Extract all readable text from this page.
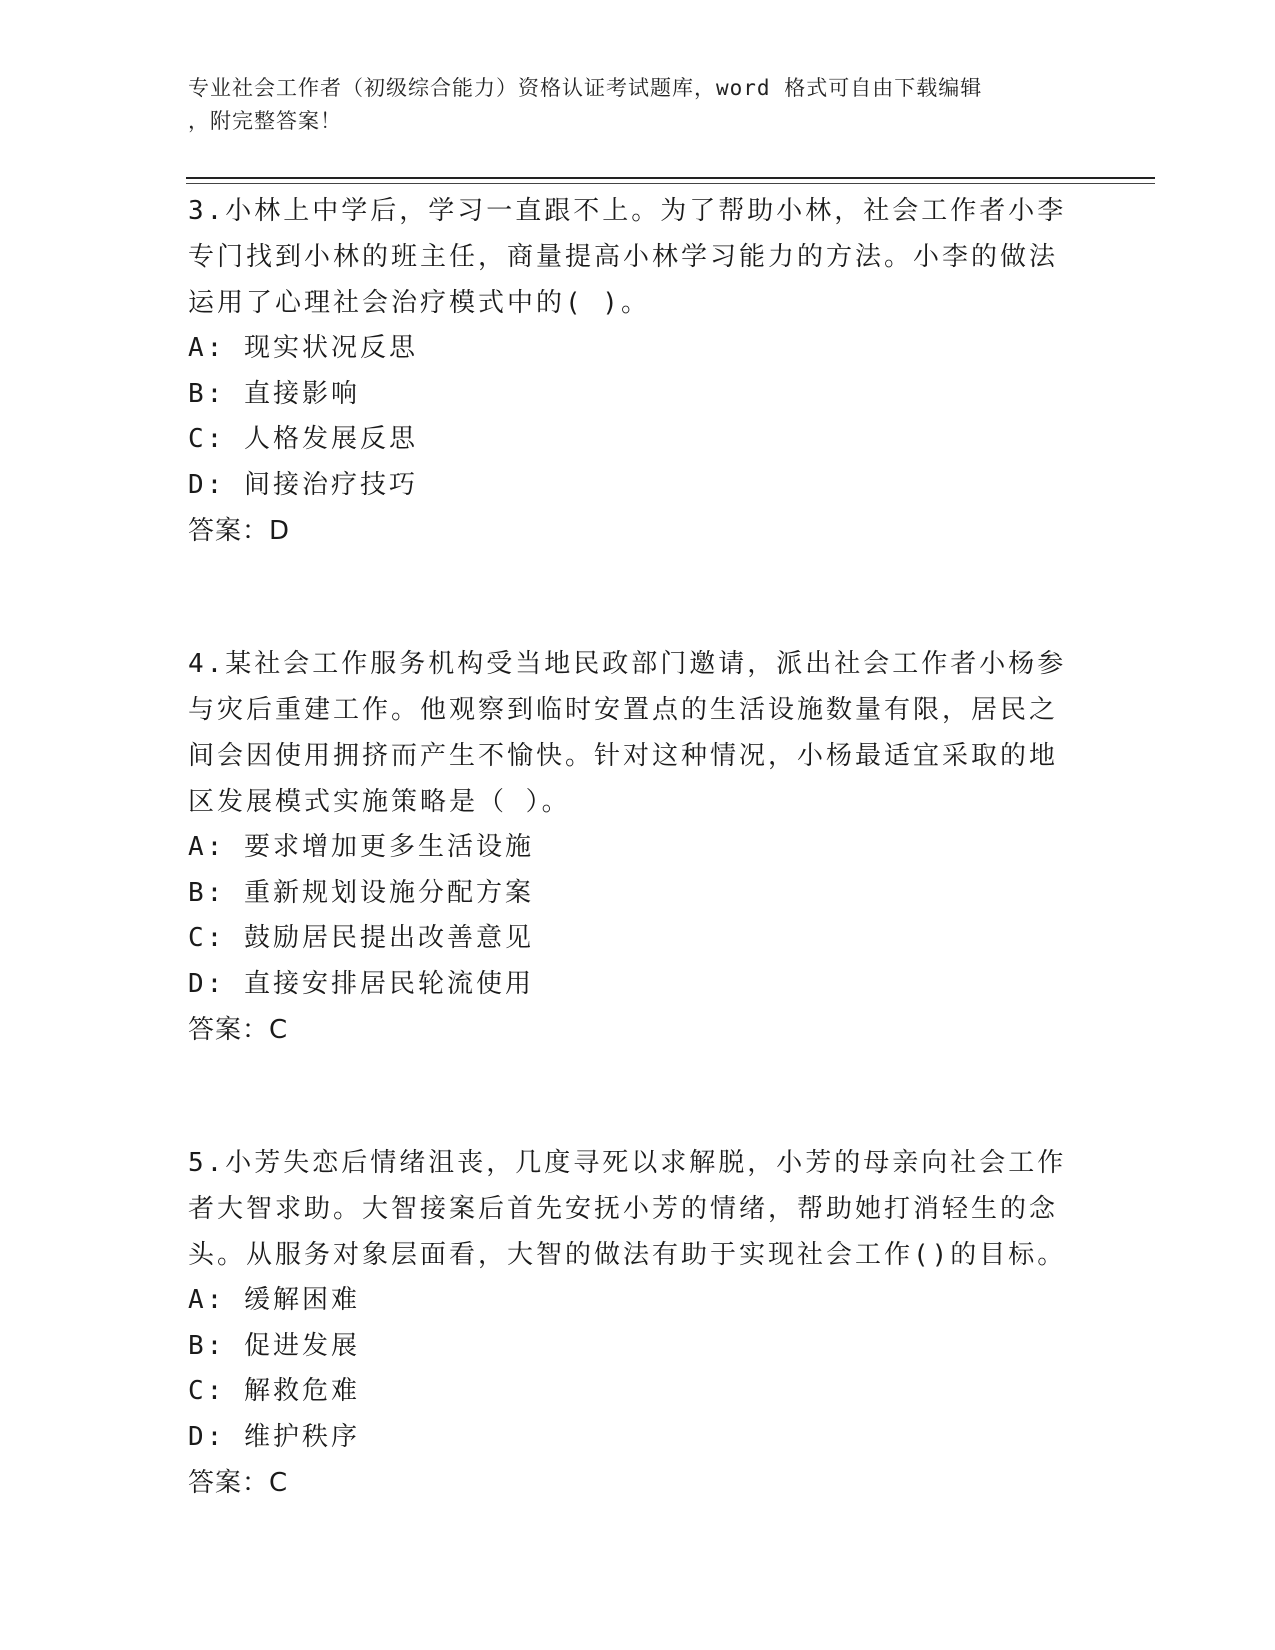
专业社会工作者（初级综合能力）资格认证考试题库，word 格式可自由下载编辑
，附完整答案！

3.小林上中学后，学习一直跟不上。为了帮助小林，社会工作者小李

专门找到小林的班主任，商量提高小林学习能力的方法。小李的做法

运用了心理社会治疗模式中的( )。

A: 现实状况反思

B: 直接影响

C: 人格发展反思

D: 间接治疗技巧

答案：D

4.某社会工作服务机构受当地民政部门邀请，派出社会工作者小杨参

与灾后重建工作。他观察到临时安置点的生活设施数量有限，居民之

间会因使用拥挤而产生不愉快。针对这种情况，小杨最适宜采取的地

区发展模式实施策略是（ ）。

A: 要求增加更多生活设施

B: 重新规划设施分配方案

C: 鼓励居民提出改善意见

D: 直接安排居民轮流使用

答案：C

5.小芳失恋后情绪沮丧，几度寻死以求解脱，小芳的母亲向社会工作

者大智求助。大智接案后首先安抚小芳的情绪，帮助她打消轻生的念

头。从服务对象层面看，大智的做法有助于实现社会工作()的目标。

A: 缓解困难

B: 促进发展

C: 解救危难

D: 维护秩序

答案：C
